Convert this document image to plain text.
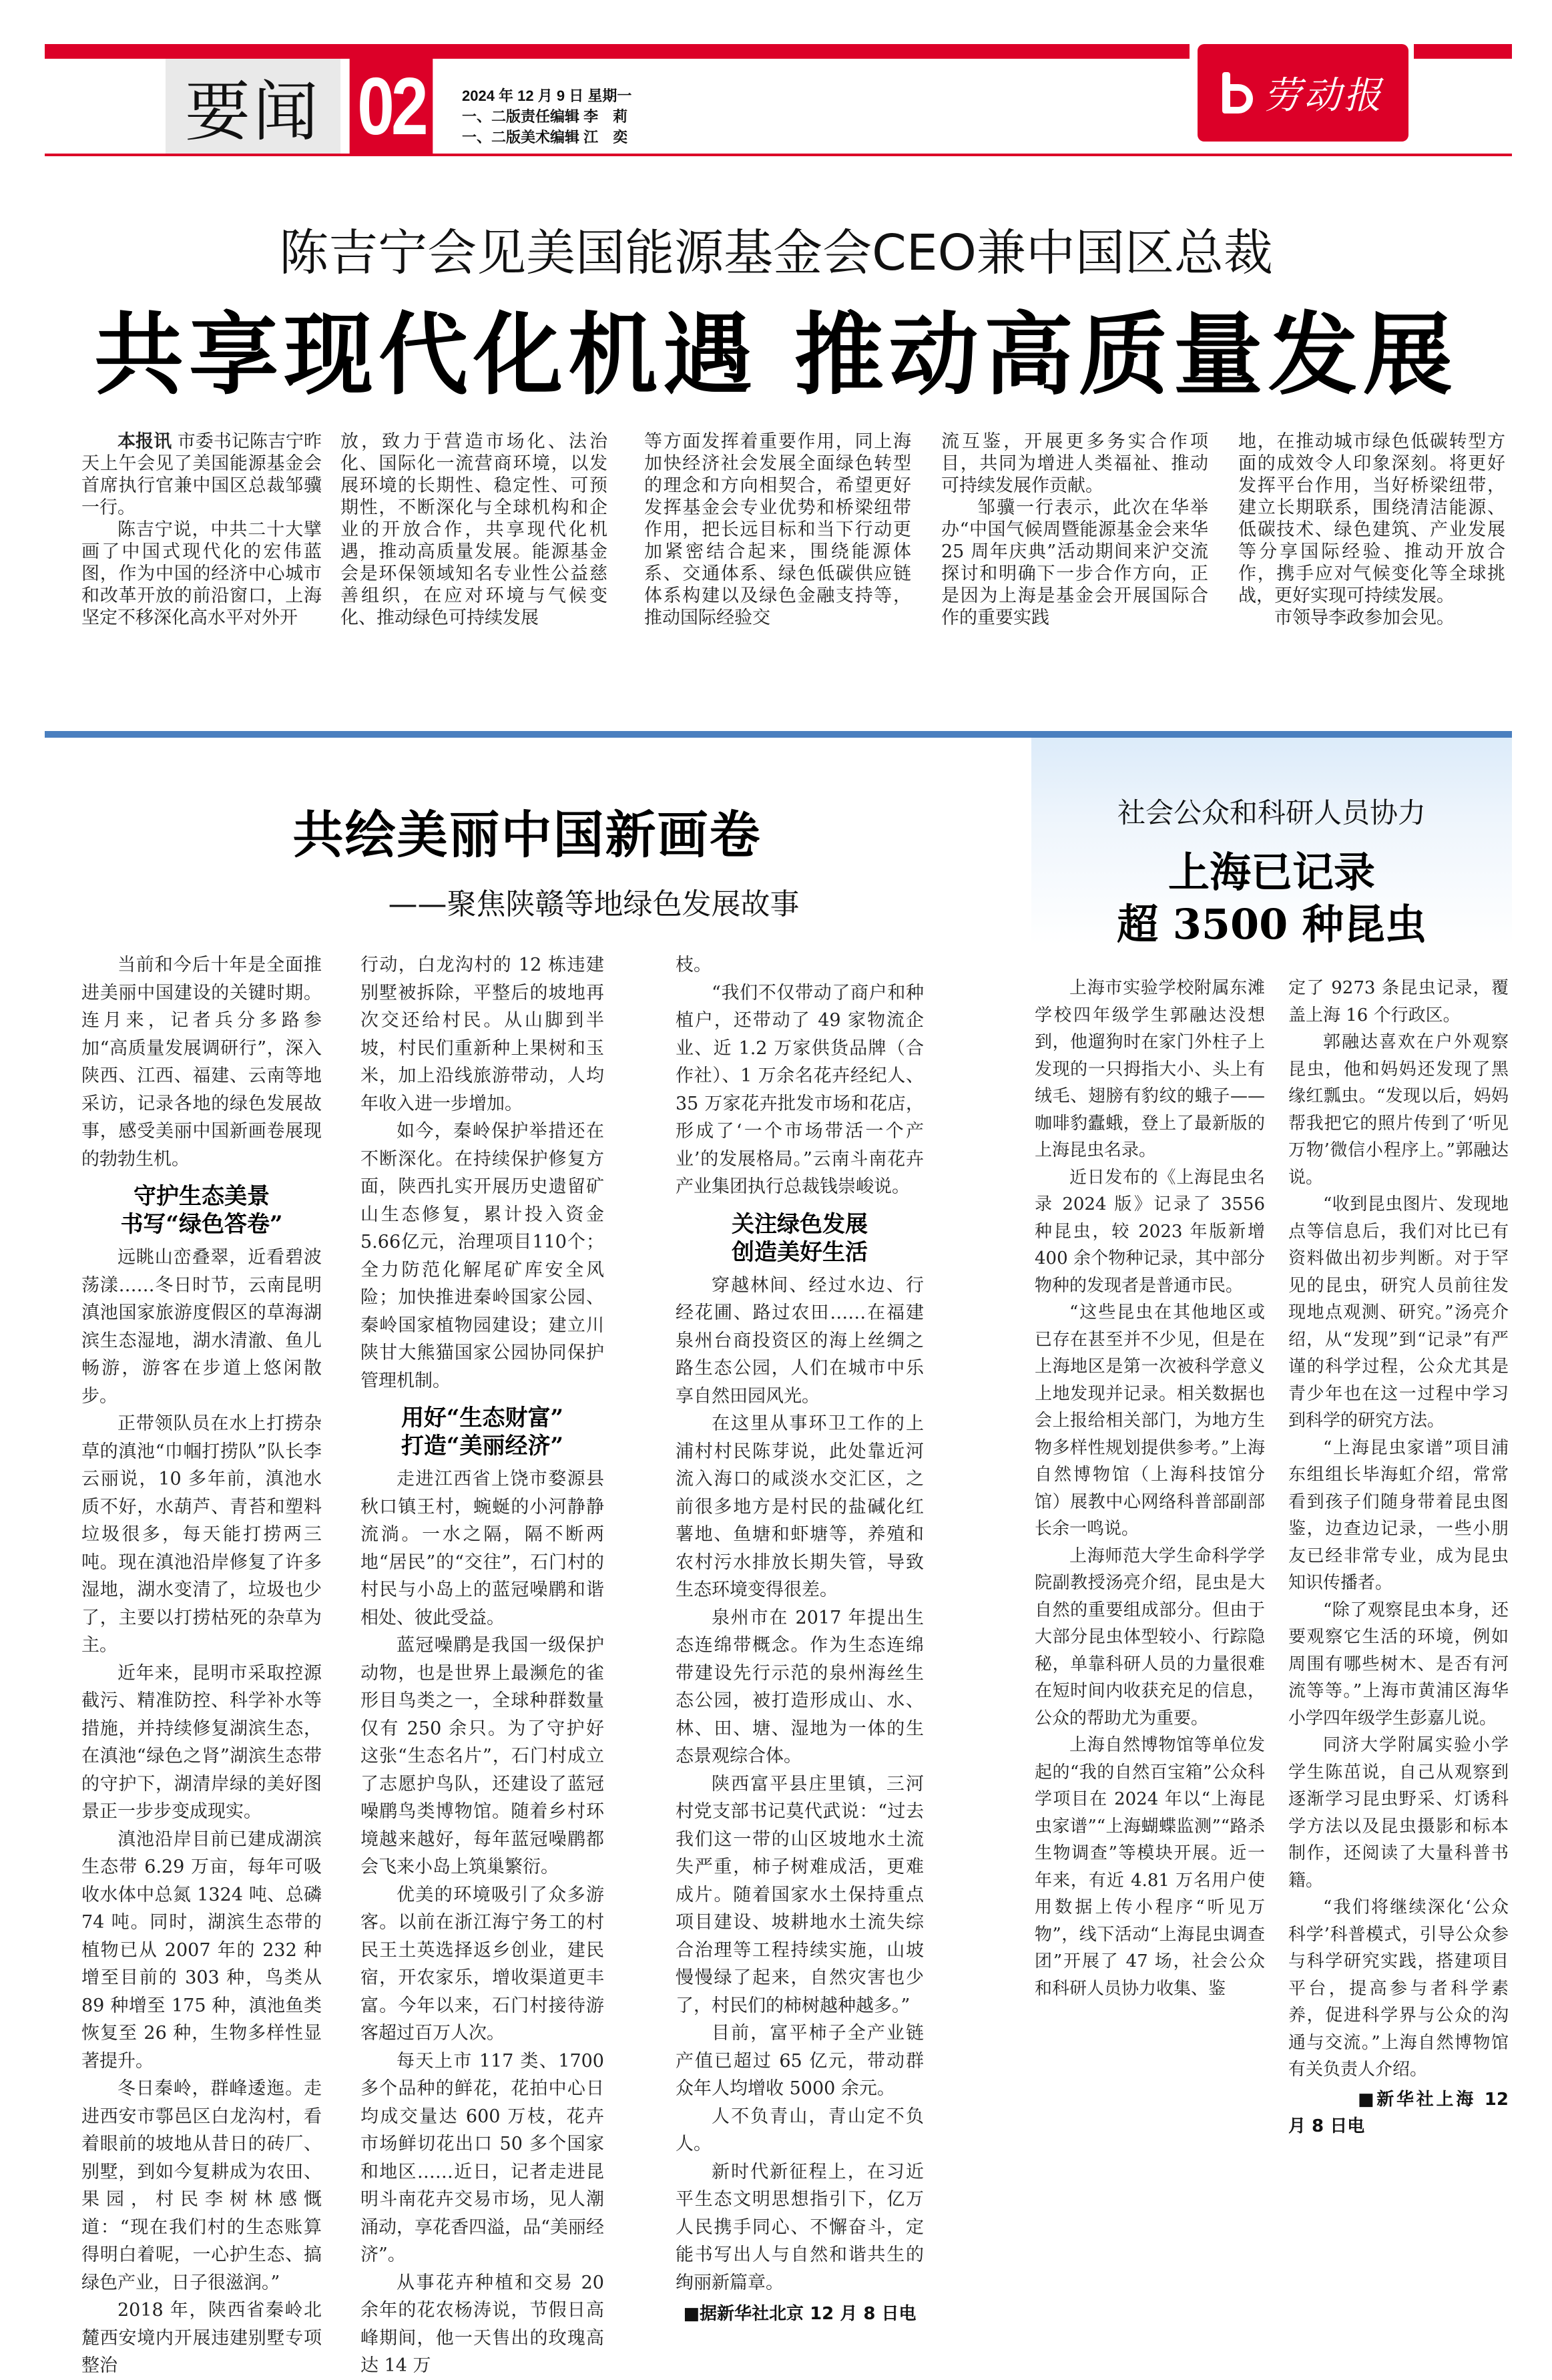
要闻 02	2024 年 12 月 9 日 星期一
一、二版责任编辑 李　莉
一、二版美术编辑 江　奕
劳动报
陈吉宁会见美国能源基金会CEO兼中国区总裁
共享现代化机遇 推动高质量发展

本报讯 市委书记陈吉宁昨天上午会见了美国能源基金会首席执行官兼中国区总裁邹骥一行。

陈吉宁说，中共二十大擘画了中国式现代化的宏伟蓝图，作为中国的经济中心城市和改革开放的前沿窗口，上海坚定不移深化高水平对外开

放，致力于营造市场化、法治化、国际化一流营商环境，以发展环境的长期性、稳定性、可预期性，不断深化与全球机构和企业的开放合作，共享现代化机遇，推动高质量发展。能源基金会是环保领域知名专业性公益慈善组织，在应对环境与气候变化、推动绿色可持续发展

等方面发挥着重要作用，同上海加快经济社会发展全面绿色转型的理念和方向相契合，希望更好发挥基金会专业优势和桥梁纽带作用，把长远目标和当下行动更加紧密结合起来，围绕能源体系、交通体系、绿色低碳供应链体系构建以及绿色金融支持等，推动国际经验交

流互鉴，开展更多务实合作项目，共同为增进人类福祉、推动可持续发展作贡献。

邹骥一行表示，此次在华举办“中国气候周暨能源基金会来华 25 周年庆典”活动期间来沪交流探讨和明确下一步合作方向，正是因为上海是基金会开展国际合作的重要实践

地，在推动城市绿色低碳转型方面的成效令人印象深刻。将更好发挥平台作用，当好桥梁纽带，建立长期联系，围绕清洁能源、低碳技术、绿色建筑、产业发展等分享国际经验、推动开放合作，携手应对气候变化等全球挑战，更好实现可持续发展。

市领导李政参加会见。

共绘美丽中国新画卷
——聚焦陕赣等地绿色发展故事
社会公众和科研人员协力
上海已记录
超 3500 种昆虫

当前和今后十年是全面推进美丽中国建设的关键时期。连月来，记者兵分多路参加“高质量发展调研行”，深入陕西、江西、福建、云南等地采访，记录各地的绿色发展故事，感受美丽中国新画卷展现的勃勃生机。

守护生态美景
书写“绿色答卷”

远眺山峦叠翠，近看碧波荡漾……冬日时节，云南昆明滇池国家旅游度假区的草海湖滨生态湿地，湖水清澈、鱼儿畅游，游客在步道上悠闲散步。

正带领队员在水上打捞杂草的滇池“巾帼打捞队”队长李云丽说，10 多年前，滇池水质不好，水葫芦、青苔和塑料垃圾很多，每天能打捞两三吨。现在滇池沿岸修复了许多湿地，湖水变清了，垃圾也少了，主要以打捞枯死的杂草为主。

近年来，昆明市采取控源截污、精准防控、科学补水等措施，并持续修复湖滨生态，在滇池“绿色之肾”湖滨生态带的守护下，湖清岸绿的美好图景正一步步变成现实。

滇池沿岸目前已建成湖滨生态带 6.29 万亩，每年可吸收水体中总氮 1324 吨、总磷 74 吨。同时，湖滨生态带的植物已从 2007 年的 232 种增至目前的 303 种，鸟类从 89 种增至 175 种，滇池鱼类恢复至 26 种，生物多样性显著提升。

冬日秦岭，群峰逶迤。走进西安市鄠邑区白龙沟村，看着眼前的坡地从昔日的砖厂、别墅，到如今复耕成为农田、果园，村民李树林感慨道：“现在我们村的生态账算得明白着呢，一心护生态、搞绿色产业，日子很滋润。”

2018 年，陕西省秦岭北麓西安境内开展违建别墅专项整治

行动，白龙沟村的 12 栋违建别墅被拆除，平整后的坡地再次交还给村民。从山脚到半坡，村民们重新种上果树和玉米，加上沿线旅游带动，人均年收入进一步增加。

如今，秦岭保护举措还在不断深化。在持续保护修复方面，陕西扎实开展历史遗留矿山生态修复，累计投入资金5.66亿元，治理项目110个；全力防范化解尾矿库安全风险；加快推进秦岭国家公园、秦岭国家植物园建设；建立川陕甘大熊猫国家公园协同保护管理机制。

用好“生态财富”
打造“美丽经济”

走进江西省上饶市婺源县秋口镇王村，蜿蜒的小河静静流淌。一水之隔，隔不断两地“居民”的“交往”，石门村的村民与小岛上的蓝冠噪鹛和谐相处、彼此受益。

蓝冠噪鹛是我国一级保护动物，也是世界上最濒危的雀形目鸟类之一，全球种群数量仅有 250 余只。为了守护好这张“生态名片”，石门村成立了志愿护鸟队，还建设了蓝冠噪鹛鸟类博物馆。随着乡村环境越来越好，每年蓝冠噪鹛都会飞来小岛上筑巢繁衍。

优美的环境吸引了众多游客。以前在浙江海宁务工的村民王土英选择返乡创业，建民宿，开农家乐，增收渠道更丰富。今年以来，石门村接待游客超过百万人次。

每天上市 117 类、1700 多个品种的鲜花，花拍中心日均成交量达 600 万枝，花卉市场鲜切花出口 50 多个国家和地区……近日，记者走进昆明斗南花卉交易市场，见人潮涌动，享花香四溢，品“美丽经济”。

从事花卉种植和交易 20 余年的花农杨涛说，节假日高峰期间，他一天售出的玫瑰高达 14 万

枝。

“我们不仅带动了商户和种植户，还带动了 49 家物流企业、近 1.2 万家供货品牌（合作社）、1 万余名花卉经纪人、35 万家花卉批发市场和花店，形成了‘一个市场带活一个产业’的发展格局。”云南斗南花卉产业集团执行总裁钱崇峻说。

关注绿色发展
创造美好生活

穿越林间、经过水边、行经花圃、路过农田……在福建泉州台商投资区的海上丝绸之路生态公园，人们在城市中乐享自然田园风光。

在这里从事环卫工作的上浦村村民陈芽说，此处靠近河流入海口的咸淡水交汇区，之前很多地方是村民的盐碱化红薯地、鱼塘和虾塘等，养殖和农村污水排放长期失管，导致生态环境变得很差。

泉州市在 2017 年提出生态连绵带概念。作为生态连绵带建设先行示范的泉州海丝生态公园，被打造形成山、水、林、田、塘、湿地为一体的生态景观综合体。

陕西富平县庄里镇，三河村党支部书记莫代武说：“过去我们这一带的山区坡地水土流失严重，柿子树难成活，更难成片。随着国家水土保持重点项目建设、坡耕地水土流失综合治理等工程持续实施，山坡慢慢绿了起来，自然灾害也少了，村民们的柿树越种越多。”

目前，富平柿子全产业链产值已超过 65 亿元，带动群众年人均增收 5000 余元。

人不负青山，青山定不负人。

新时代新征程上，在习近平生态文明思想指引下，亿万人民携手同心、不懈奋斗，定能书写出人与自然和谐共生的绚丽新篇章。

■据新华社北京 12 月 8 日电

上海市实验学校附属东滩学校四年级学生郭融达没想到，他遛狗时在家门外柱子上发现的一只拇指大小、头上有绒毛、翅膀有豹纹的蛾子——咖啡豹蠹蛾，登上了最新版的上海昆虫名录。

近日发布的《上海昆虫名录 2024 版》记录了 3556 种昆虫，较 2023 年版新增 400 余个物种记录，其中部分物种的发现者是普通市民。

“这些昆虫在其他地区或已存在甚至并不少见，但是在上海地区是第一次被科学意义上地发现并记录。相关数据也会上报给相关部门，为地方生物多样性规划提供参考。”上海自然博物馆（上海科技馆分馆）展教中心网络科普部副部长余一鸣说。

上海师范大学生命科学学院副教授汤亮介绍，昆虫是大自然的重要组成部分。但由于大部分昆虫体型较小、行踪隐秘，单靠科研人员的力量很难在短时间内收获充足的信息，公众的帮助尤为重要。

上海自然博物馆等单位发起的“我的自然百宝箱”公众科学项目在 2024 年以“上海昆虫家谱”“上海蝴蝶监测”“路杀生物调查”等模块开展。近一年来，有近 4.81 万名用户使用数据上传小程序“听见万物”，线下活动“上海昆虫调查团”开展了 47 场，社会公众和科研人员协力收集、鉴

定了 9273 条昆虫记录，覆盖上海 16 个行政区。

郭融达喜欢在户外观察昆虫，他和妈妈还发现了黑缘红瓢虫。“发现以后，妈妈帮我把它的照片传到了‘听见万物’微信小程序上。”郭融达说。

“收到昆虫图片、发现地点等信息后，我们对比已有资料做出初步判断。对于罕见的昆虫，研究人员前往发现地点观测、研究。”汤亮介绍，从“发现”到“记录”有严谨的科学过程，公众尤其是青少年也在这一过程中学习到科学的研究方法。

“上海昆虫家谱”项目浦东组组长毕海虹介绍，常常看到孩子们随身带着昆虫图鉴，边查边记录，一些小朋友已经非常专业，成为昆虫知识传播者。

“除了观察昆虫本身，还要观察它生活的环境，例如周围有哪些树木、是否有河流等等。”上海市黄浦区海华小学四年级学生彭嘉儿说。

同济大学附属实验小学学生陈茁说，自己从观察到逐渐学习昆虫野采、灯诱科学方法以及昆虫摄影和标本制作，还阅读了大量科普书籍。

“我们将继续深化‘公众科学’科普模式，引导公众参与科学研究实践，搭建项目平台，提高参与者科学素养，促进科学界与公众的沟通与交流。”上海自然博物馆有关负责人介绍。

■新华社上海 12 月 8 日电
